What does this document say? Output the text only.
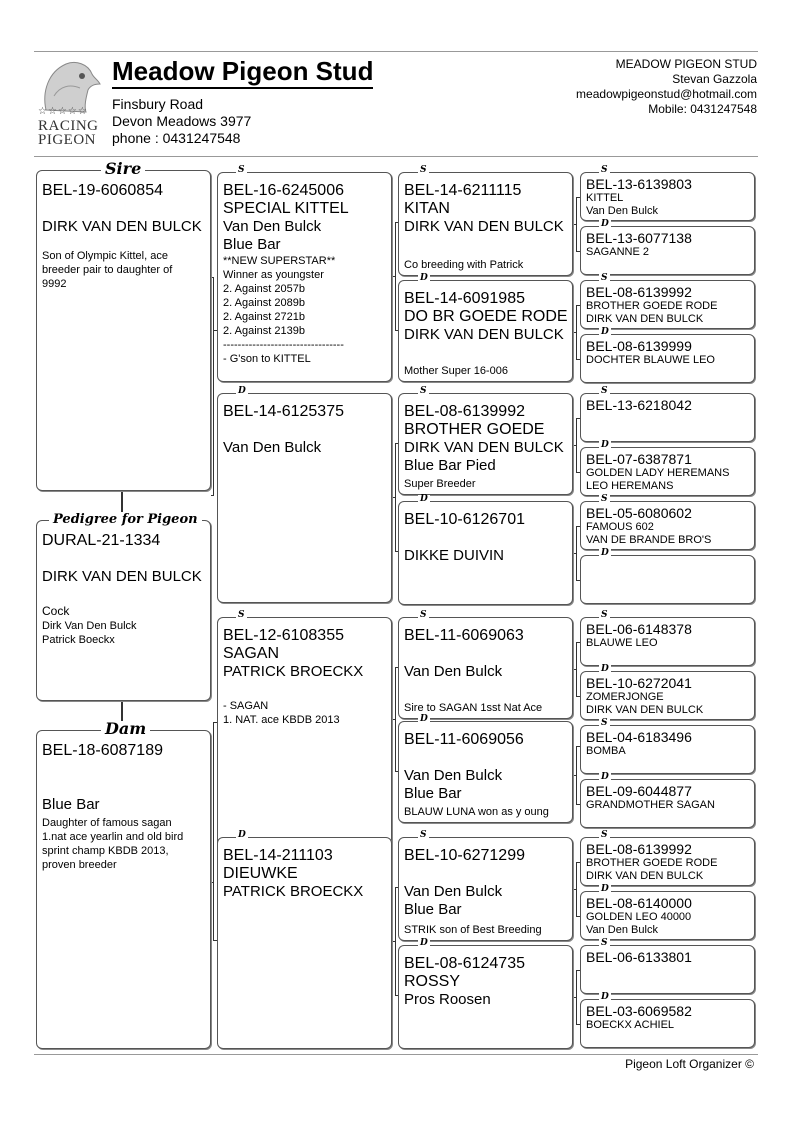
☆☆☆☆☆
RACING
PIGEON
Meadow Pigeon Stud
Finsbury Road
Devon Meadows 3977
phone : 0431247548
MEADOW PIGEON STUD
Stevan Gazzola
meadowpigeonstud@hotmail.com
Mobile: 0431247548
BEL-19-6060854
DIRK VAN DEN BULCK
Son of Olympic Kittel, ace
breeder pair to daughter of
9992
Sire
DURAL-21-1334
DIRK VAN DEN BULCK
Cock
Dirk Van Den Bulck
Patrick Boeckx
Pedigree for Pigeon
BEL-18-6087189
Blue Bar
Daughter of famous sagan
1.nat ace yearlin and old bird
sprint champ KBDB 2013,
proven breeder
Dam
BEL-16-6245006
SPECIAL KITTEL
Van Den Bulck
Blue Bar
**NEW SUPERSTAR**
Winner as youngster
2. Against 2057b
2. Against 2089b
2. Against 2721b
2. Against 2139b
---------------------------------
- G'son to KITTEL
S
BEL-14-6125375
Van Den Bulck
D
BEL-12-6108355
SAGAN
PATRICK BROECKX
- SAGAN
1. NAT. ace KBDB 2013
S
BEL-14-211103
DIEUWKE
PATRICK BROECKX
D
BEL-14-6211115
KITAN
DIRK VAN DEN BULCK
Co breeding with Patrick
S
BEL-14-6091985
DO BR GOEDE RODE
DIRK VAN DEN BULCK
Mother Super 16-006
D
BEL-08-6139992
BROTHER GOEDE
DIRK VAN DEN BULCK
Blue Bar Pied
Super Breeder
S
BEL-10-6126701
DIKKE DUIVIN
D
BEL-11-6069063
Van Den Bulck
Sire to SAGAN 1sst Nat Ace
S
BEL-11-6069056
Van Den Bulck
Blue Bar
BLAUW LUNA won as y oung
D
BEL-10-6271299
Van Den Bulck
Blue Bar
STRIK son of Best Breeding
S
BEL-08-6124735
ROSSY
Pros Roosen
D
BEL-13-6139803
KITTEL
Van Den Bulck
S
BEL-13-6077138
SAGANNE 2
D
BEL-08-6139992
BROTHER GOEDE RODE
DIRK VAN DEN BULCK
S
BEL-08-6139999
DOCHTER BLAUWE LEO
D
BEL-13-6218042
S
BEL-07-6387871
GOLDEN LADY HEREMANS
LEO HEREMANS
D
BEL-05-6080602
FAMOUS 602
VAN DE BRANDE BRO'S
S
D
BEL-06-6148378
BLAUWE LEO
S
BEL-10-6272041
ZOMERJONGE
DIRK VAN DEN BULCK
D
BEL-04-6183496
BOMBA
S
BEL-09-6044877
GRANDMOTHER SAGAN
D
BEL-08-6139992
BROTHER GOEDE RODE
DIRK VAN DEN BULCK
S
BEL-08-6140000
GOLDEN LEO 40000
Van Den Bulck
D
BEL-06-6133801
S
BEL-03-6069582
BOECKX ACHIEL
D
Pigeon Loft Organizer ©
